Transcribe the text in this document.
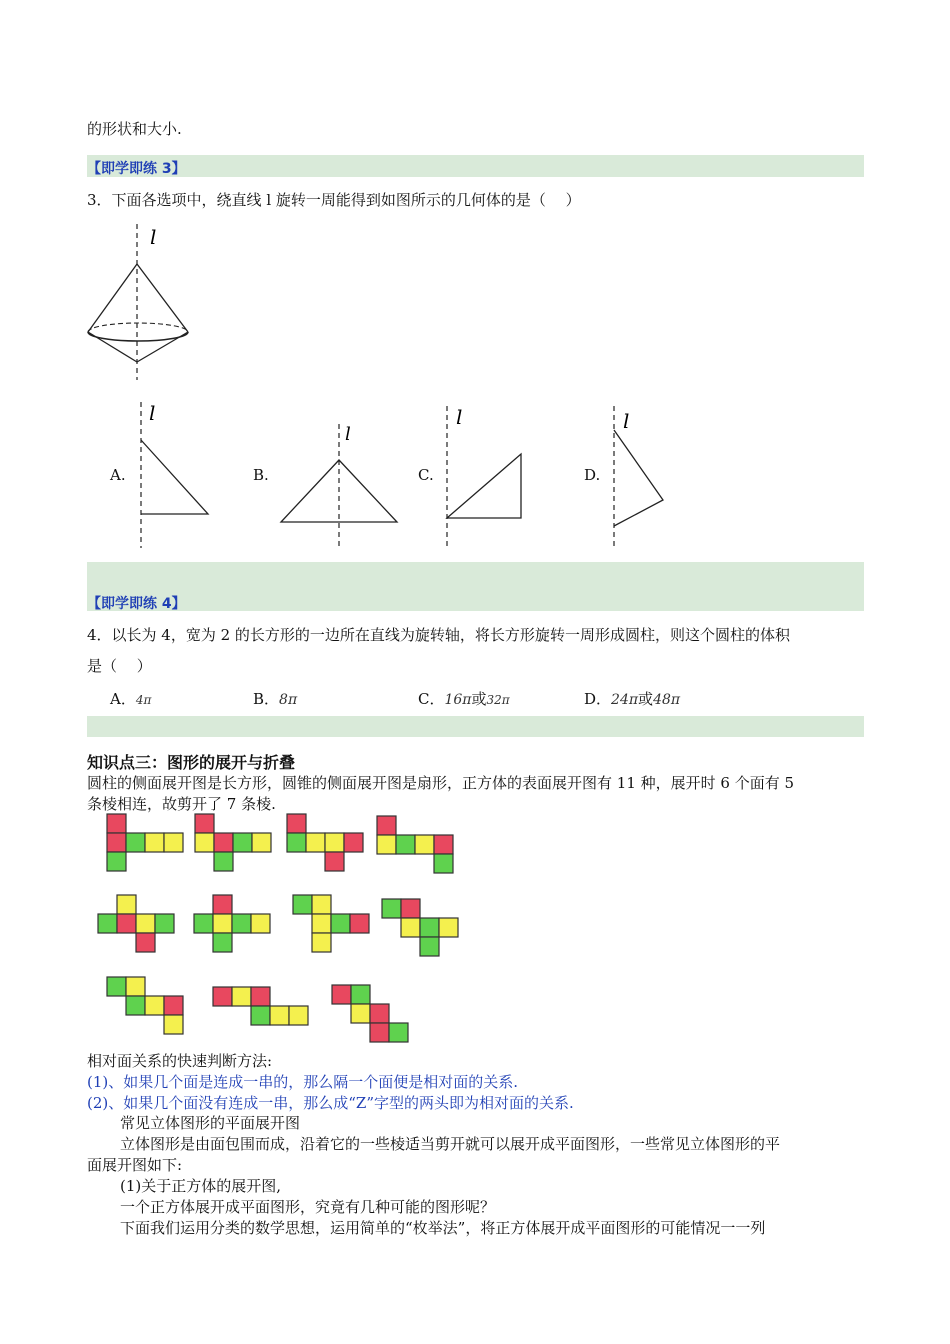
的形状和大小.
【即学即练 3】
3．下面各选项中，绕直线 l 旋转一周能得到如图所示的几何体的是（　 ）
l
A.
l
B.
l
C.
l
D.
l
【即学即练 4】
4．以长为 4，宽为 2 的长方形的一边所在直线为旋转轴，将长方形旋转一周形成圆柱，则这个圆柱的体积
是（　 ）
A．4π	B．8π	C．16π或32π	D．24π或48π
知识点三：图形的展开与折叠
圆柱的侧面展开图是长方形，圆锥的侧面展开图是扇形，正方体的表面展开图有 11 种，展开时 6 个面有 5
条棱相连，故剪开了 7 条棱.
相对面关系的快速判断方法:
(1)、如果几个面是连成一串的，那么隔一个面便是相对面的关系.
(2)、如果几个面没有连成一串，那么成“Z”字型的两头即为相对面的关系.
常见立体图形的平面展开图
立体图形是由面包围而成，沿着它的一些棱适当剪开就可以展开成平面图形，一些常见立体图形的平
面展开图如下:
(1)关于正方体的展开图,
一个正方体展开成平面图形，究竟有几种可能的图形呢？
下面我们运用分类的数学思想，运用简单的“枚举法”，将正方体展开成平面图形的可能情况一一列
